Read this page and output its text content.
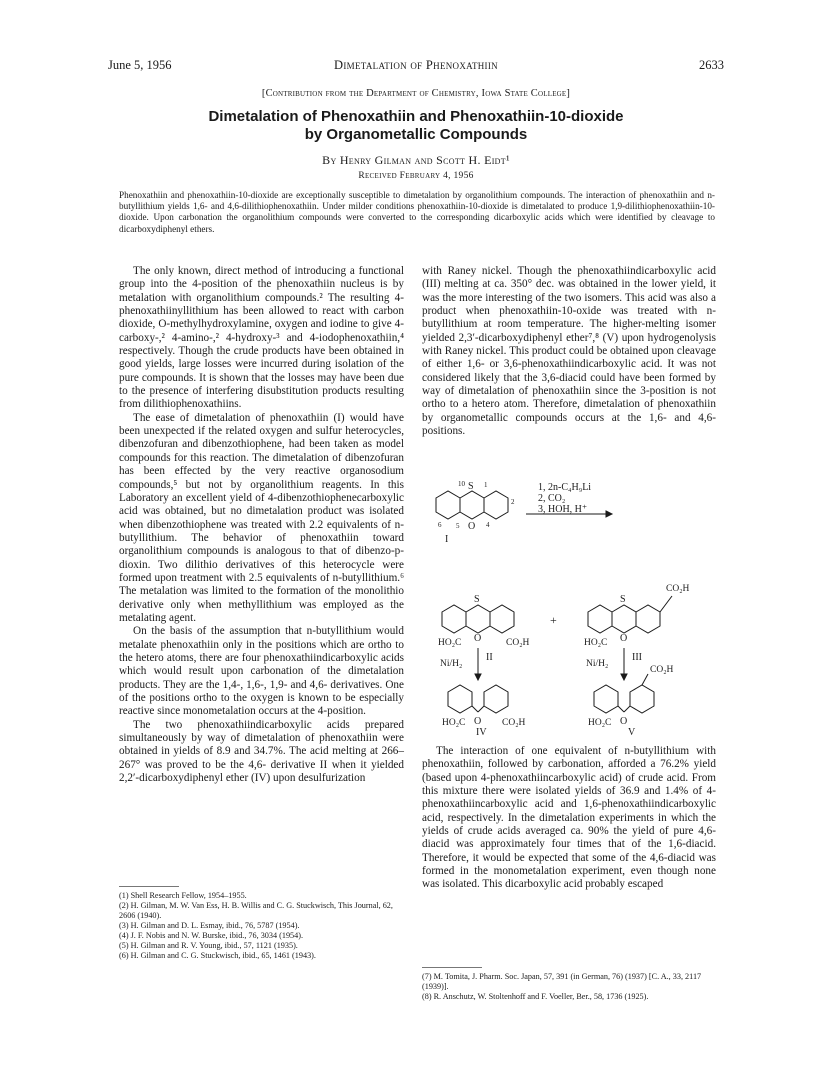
June 5, 1956	Dimetalation of Phenoxathiin	2633
[Contribution from the Department of Chemistry, Iowa State College]
Dimetalation of Phenoxathiin and Phenoxathiin-10-dioxide
by Organometallic Compounds
By Henry Gilman and Scott H. Eidt¹
Received February 4, 1956
Phenoxathiin and phenoxathiin-10-dioxide are exceptionally susceptible to dimetalation by organolithium compounds. The interaction of phenoxathiin and n-butyllithium yields 1,6- and 4,6-dilithiophenoxathiin. Under milder conditions phenoxathiin-10-dioxide is dimetalated to produce 1,9-dilithiophenoxathiin-10-dioxide. Upon carbonation the organolithium compounds were converted to the corresponding dicarboxylic acids which were identified by cleavage to dicarboxydiphenyl ethers.

The only known, direct method of introducing a functional group into the 4-position of the phenoxathiin nucleus is by metalation with organolithium compounds.² The resulting 4-phenoxathiinyllithium has been allowed to react with carbon dioxide, O-methylhydroxylamine, oxygen and iodine to give 4-carboxy-,² 4-amino-,² 4-hydroxy-³ and 4-iodophenoxathiin,⁴ respectively. Though the crude products have been obtained in good yields, large losses were incurred during isolation of the pure compounds. It is shown that the losses may have been due to the presence of interfering disubstitution products resulting from dilithiophenoxathiins.

The ease of dimetalation of phenoxathiin (I) would have been unexpected if the related oxygen and sulfur heterocycles, dibenzofuran and dibenzothiophene, had been taken as model compounds for this reaction. The dimetalation of dibenzofuran has been effected by the very reactive organosodium compounds,⁵ but not by organolithium reagents. In this Laboratory an excellent yield of 4-dibenzothiophenecarboxylic acid was obtained, but no dimetalation product was isolated when dibenzothiophene was treated with 2.2 equivalents of n-butyllithium. The behavior of phenoxathiin toward organolithium compounds is analogous to that of dibenzo-p-dioxin. Two dilithio derivatives of this heterocycle were formed upon treatment with 2.5 equivalents of n-butyllithium.⁶ The metalation was limited to the formation of the monolithio derivative only when methyllithium was employed as the metalating agent.

On the basis of the assumption that n-butyllithium would metalate phenoxathiin only in the positions which are ortho to the hetero atoms, there are four phenoxathiindicarboxylic acids which would result upon carbonation of the dimetalation products. They are the 1,4-, 1,6-, 1,9- and 4,6- derivatives. One of the positions ortho to the oxygen is known to be especially reactive since monometalation occurs at the 4-position.

The two phenoxathiindicarboxylic acids prepared simultaneously by way of dimetalation of phenoxathiin were obtained in yields of 8.9 and 34.7%. The acid melting at 266–267° was proved to be the 4,6- derivative II when it yielded 2,2′-dicarboxydiphenyl ether (IV) upon desulfurization

(1) Shell Research Fellow, 1954–1955.
(2) H. Gilman, M. W. Van Ess, H. B. Willis and C. G. Stuckwisch, This Journal, 62, 2606 (1940).
(3) H. Gilman and D. L. Esmay, ibid., 76, 5787 (1954).
(4) J. F. Nobis and N. W. Burske, ibid., 76, 3034 (1954).
(5) H. Gilman and R. V. Young, ibid., 57, 1121 (1935).
(6) H. Gilman and C. G. Stuckwisch, ibid., 65, 1461 (1943).

with Raney nickel. Though the phenoxathiindicarboxylic acid (III) melting at ca. 350° dec. was obtained in the lower yield, it was the more interesting of the two isomers. This acid was also a product when phenoxathiin-10-oxide was treated with n-butyllithium at room temperature. The higher-melting isomer yielded 2,3′-dicarboxydiphenyl ether⁷,⁸ (V) upon hydrogenolysis with Raney nickel. This product could be obtained upon cleavage of either 1,6- or 3,6-phenoxathiindicarboxylic acid. It was not considered likely that the 3,6-diacid could have been formed by way of dimetalation of phenoxathiin since the 3-position is not ortho to a hetero atom. Therefore, dimetalation of phenoxathiin by organometallic compounds occurs at the 1,6- and 4,6-positions.

1, 2n-C₄H₉Li
2, CO₂
3, HOH, H⁺
S
10	1
2
O
6 5	4
I
S
O
HO₂C	CO₂H
II
Ni/H₂
+
S
O
HO₂C
CO₂H
III
Ni/H₂
O
HO₂C	CO₂H
IV
O
HO₂C
CO₂H
V

The interaction of one equivalent of n-butyllithium with phenoxathiin, followed by carbonation, afforded a 76.2% yield (based upon 4-phenoxathiincarboxylic acid) of crude acid. From this mixture there were isolated yields of 36.9 and 1.4% of 4-phenoxathiincarboxylic acid and 1,6-phenoxathiindicarboxylic acid, respectively. In the dimetalation experiments in which the yields of crude acids averaged ca. 90% the yield of pure 4,6-diacid was approximately four times that of the 1,6-diacid. Therefore, it would be expected that some of the 4,6-diacid was formed in the monometalation experiment, even though none was isolated. This dicarboxylic acid probably escaped

(7) M. Tomita, J. Pharm. Soc. Japan, 57, 391 (in German, 76) (1937) [C. A., 33, 2117 (1939)].
(8) R. Anschutz, W. Stoltenhoff and F. Voeller, Ber., 58, 1736 (1925).
